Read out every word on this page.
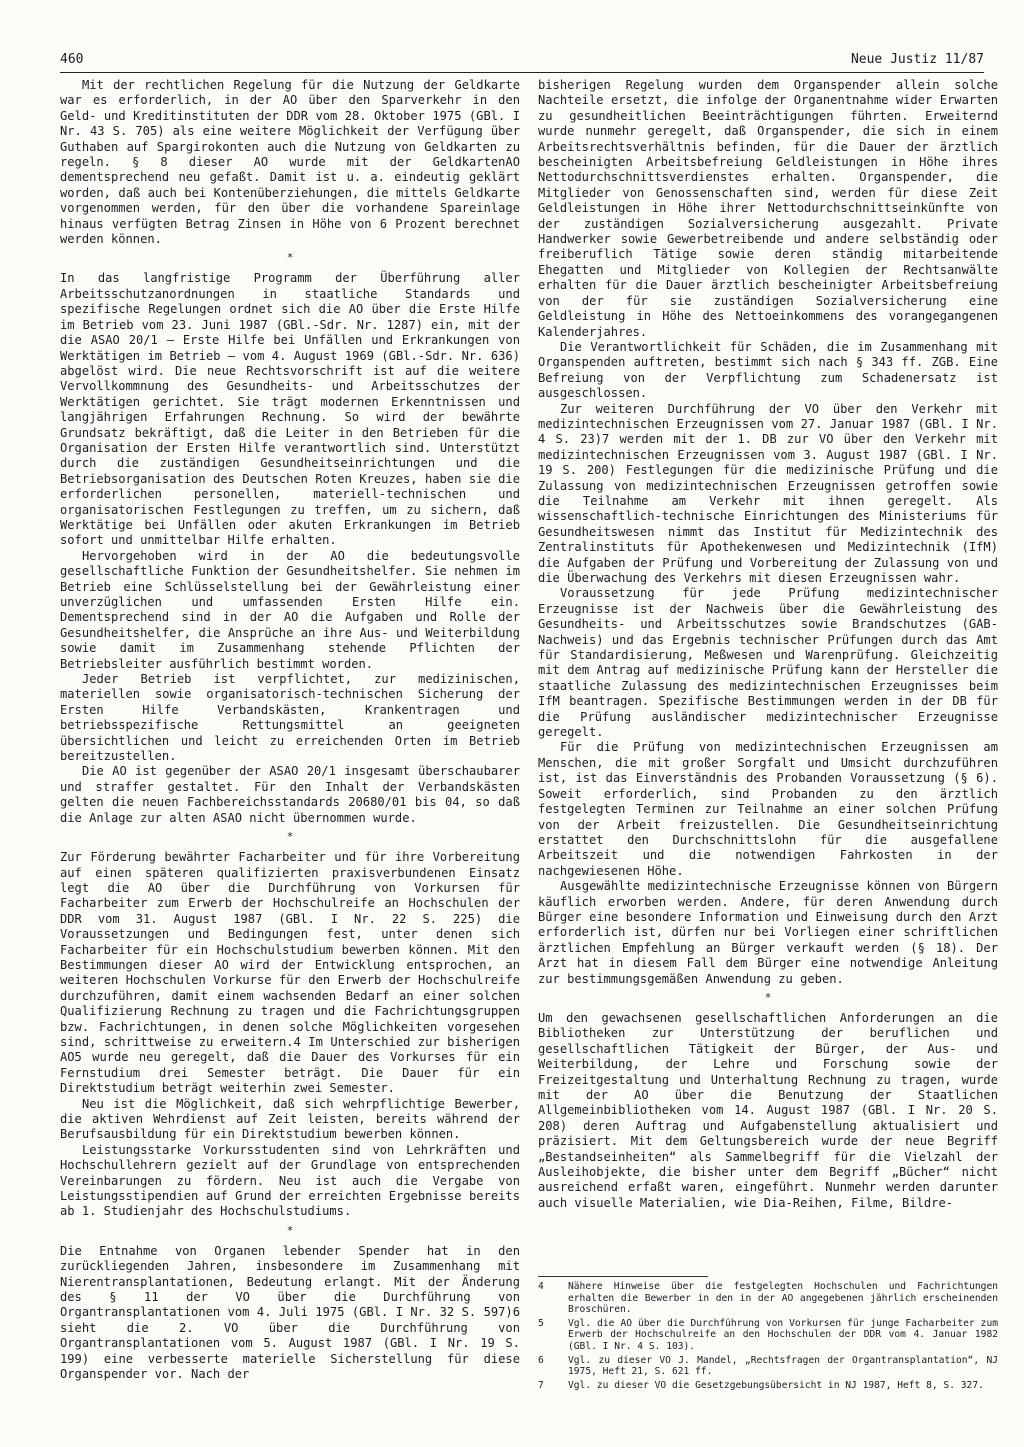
460	Neue Justiz 11/87

Mit der rechtlichen Regelung für die Nutzung der Geldkarte war es erforderlich, in der AO über den Sparverkehr in den Geld- und Kreditinstituten der DDR vom 28. Oktober 1975 (GBl. I Nr. 43 S. 705) als eine weitere Möglichkeit der Verfügung über Guthaben auf Spargirokonten auch die Nutzung von Geldkarten zu regeln. § 8 dieser AO wurde mit der GeldkartenAO dementsprechend neu gefaßt. Damit ist u. a. eindeutig geklärt worden, daß auch bei Kontenüberziehungen, die mittels Geldkarte vorgenommen werden, für den über die vorhandene Spareinlage hinaus verfügten Betrag Zinsen in Höhe von 6 Prozent berechnet werden können.

*

In das langfristige Programm der Überführung aller Arbeitsschutzanordnungen in staatliche Standards und spezifische Regelungen ordnet sich die AO über die Erste Hilfe im Betrieb vom 23. Juni 1987 (GBl.-Sdr. Nr. 1287) ein, mit der die ASAO 20/1 — Erste Hilfe bei Unfällen und Erkrankungen von Werktätigen im Betrieb — vom 4. August 1969 (GBl.-Sdr. Nr. 636) abgelöst wird. Die neue Rechtsvorschrift ist auf die weitere Vervollkommnung des Gesundheits- und Arbeitsschutzes der Werktätigen gerichtet. Sie trägt modernen Erkenntnissen und langjährigen Erfahrungen Rechnung. So wird der bewährte Grundsatz bekräftigt, daß die Leiter in den Betrieben für die Organisation der Ersten Hilfe verantwortlich sind. Unterstützt durch die zuständigen Gesundheitseinrichtungen und die Betriebsorganisation des Deutschen Roten Kreuzes, haben sie die erforderlichen personellen, materiell-technischen und organisatorischen Festlegungen zu treffen, um zu sichern, daß Werktätige bei Unfällen oder akuten Erkrankungen im Betrieb sofort und unmittelbar Hilfe erhalten.

Hervorgehoben wird in der AO die bedeutungsvolle gesellschaftliche Funktion der Gesundheitshelfer. Sie nehmen im Betrieb eine Schlüsselstellung bei der Gewährleistung einer unverzüglichen und umfassenden Ersten Hilfe ein. Dementsprechend sind in der AO die Aufgaben und Rolle der Gesundheitshelfer, die Ansprüche an ihre Aus- und Weiterbildung sowie damit im Zusammenhang stehende Pflichten der Betriebsleiter ausführlich bestimmt worden.

Jeder Betrieb ist verpflichtet, zur medizinischen, materiellen sowie organisatorisch-technischen Sicherung der Ersten Hilfe Verbandskästen, Krankentragen und betriebsspezifische Rettungsmittel an geeigneten übersichtlichen und leicht zu erreichenden Orten im Betrieb bereitzustellen.

Die AO ist gegenüber der ASAO 20/1 insgesamt überschaubarer und straffer gestaltet. Für den Inhalt der Verbandskästen gelten die neuen Fachbereichsstandards 20680/01 bis 04, so daß die Anlage zur alten ASAO nicht übernommen wurde.

*

Zur Förderung bewährter Facharbeiter und für ihre Vorbereitung auf einen späteren qualifizierten praxisverbundenen Einsatz legt die AO über die Durchführung von Vorkursen für Facharbeiter zum Erwerb der Hochschulreife an Hochschulen der DDR vom 31. August 1987 (GBl. I Nr. 22 S. 225) die Voraussetzungen und Bedingungen fest, unter denen sich Facharbeiter für ein Hochschulstudium bewerben können. Mit den Bestimmungen dieser AO wird der Entwicklung entsprochen, an weiteren Hochschulen Vorkurse für den Erwerb der Hochschulreife durchzuführen, damit einem wachsenden Bedarf an einer solchen Qualifizierung Rechnung zu tragen und die Fachrichtungsgruppen bzw. Fachrichtungen, in denen solche Möglichkeiten vorgesehen sind, schrittweise zu erweitern.4 Im Unterschied zur bisherigen AO5 wurde neu geregelt, daß die Dauer des Vorkurses für ein Fernstudium drei Semester beträgt. Die Dauer für ein Direktstudium beträgt weiterhin zwei Semester.

Neu ist die Möglichkeit, daß sich wehrpflichtige Bewerber, die aktiven Wehrdienst auf Zeit leisten, bereits während der Berufsausbildung für ein Direktstudium bewerben können.

Leistungsstarke Vorkursstudenten sind von Lehrkräften und Hochschullehrern gezielt auf der Grundlage von entsprechenden Vereinbarungen zu fördern. Neu ist auch die Vergabe von Leistungsstipendien auf Grund der erreichten Ergebnisse bereits ab 1. Studienjahr des Hochschulstudiums.

*

Die Entnahme von Organen lebender Spender hat in den zurückliegenden Jahren, insbesondere im Zusammenhang mit Nierentransplantationen, Bedeutung erlangt. Mit der Änderung des § 11 der VO über die Durchführung von Organtransplantationen vom 4. Juli 1975 (GBl. I Nr. 32 S. 597)6 sieht die 2. VO über die Durchführung von Organtransplantationen vom 5. August 1987 (GBl. I Nr. 19 S. 199) eine verbesserte materielle Sicherstellung für diese Organspender vor. Nach der

bisherigen Regelung wurden dem Organspender allein solche Nachteile ersetzt, die infolge der Organentnahme wider Erwarten zu gesundheitlichen Beeinträchtigungen führten. Erweiternd wurde nunmehr geregelt, daß Organspender, die sich in einem Arbeitsrechtsverhältnis befinden, für die Dauer der ärztlich bescheinigten Arbeitsbefreiung Geldleistungen in Höhe ihres Nettodurchschnittsverdienstes erhalten. Organspender, die Mitglieder von Genossenschaften sind, werden für diese Zeit Geldleistungen in Höhe ihrer Nettodurchschnittseinkünfte von der zuständigen Sozialversicherung ausgezahlt. Private Handwerker sowie Gewerbetreibende und andere selbständig oder freiberuflich Tätige sowie deren ständig mitarbeitende Ehegatten und Mitglieder von Kollegien der Rechtsanwälte erhalten für die Dauer ärztlich bescheinigter Arbeitsbefreiung von der für sie zuständigen Sozialversicherung eine Geldleistung in Höhe des Nettoeinkommens des vorangegangenen Kalenderjahres.

Die Verantwortlichkeit für Schäden, die im Zusammenhang mit Organspenden auftreten, bestimmt sich nach § 343 ff. ZGB. Eine Befreiung von der Verpflichtung zum Schadenersatz ist ausgeschlossen.

Zur weiteren Durchführung der VO über den Verkehr mit medizintechnischen Erzeugnissen vom 27. Januar 1987 (GBl. I Nr. 4 S. 23)7 werden mit der 1. DB zur VO über den Verkehr mit medizintechnischen Erzeugnissen vom 3. August 1987 (GBl. I Nr. 19 S. 200) Festlegungen für die medizinische Prüfung und die Zulassung von medizintechnischen Erzeugnissen getroffen sowie die Teilnahme am Verkehr mit ihnen geregelt. Als wissenschaftlich-technische Einrichtungen des Ministeriums für Gesundheitswesen nimmt das Institut für Medizintechnik des Zentralinstituts für Apothekenwesen und Medizintechnik (IfM) die Aufgaben der Prüfung und Vorbereitung der Zulassung von und die Überwachung des Verkehrs mit diesen Erzeugnissen wahr.

Voraussetzung für jede Prüfung medizintechnischer Erzeugnisse ist der Nachweis über die Gewährleistung des Gesundheits- und Arbeitsschutzes sowie Brandschutzes (GAB-Nachweis) und das Ergebnis technischer Prüfungen durch das Amt für Standardisierung, Meßwesen und Warenprüfung. Gleichzeitig mit dem Antrag auf medizinische Prüfung kann der Hersteller die staatliche Zulassung des medizintechnischen Erzeugnisses beim IfM beantragen. Spezifische Bestimmungen werden in der DB für die Prüfung ausländischer medizintechnischer Erzeugnisse geregelt.

Für die Prüfung von medizintechnischen Erzeugnissen am Menschen, die mit großer Sorgfalt und Umsicht durchzuführen ist, ist das Einverständnis des Probanden Voraussetzung (§ 6). Soweit erforderlich, sind Probanden zu den ärztlich festgelegten Terminen zur Teilnahme an einer solchen Prüfung von der Arbeit freizustellen. Die Gesundheitseinrichtung erstattet den Durchschnittslohn für die ausgefallene Arbeitszeit und die notwendigen Fahrkosten in der nachgewiesenen Höhe.

Ausgewählte medizintechnische Erzeugnisse können von Bürgern käuflich erworben werden. Andere, für deren Anwendung durch Bürger eine besondere Information und Einweisung durch den Arzt erforderlich ist, dürfen nur bei Vorliegen einer schriftlichen ärztlichen Empfehlung an Bürger verkauft werden (§ 18). Der Arzt hat in diesem Fall dem Bürger eine notwendige Anleitung zur bestimmungsgemäßen Anwendung zu geben.

*

Um den gewachsenen gesellschaftlichen Anforderungen an die Bibliotheken zur Unterstützung der beruflichen und gesellschaftlichen Tätigkeit der Bürger, der Aus- und Weiterbildung, der Lehre und Forschung sowie der Freizeitgestaltung und Unterhaltung Rechnung zu tragen, wurde mit der AO über die Benutzung der Staatlichen Allgemeinbibliotheken vom 14. August 1987 (GBl. I Nr. 20 S. 208) deren Auftrag und Aufgabenstellung aktualisiert und präzisiert. Mit dem Geltungsbereich wurde der neue Begriff „Bestandseinheiten“ als Sammelbegriff für die Vielzahl der Ausleihobjekte, die bisher unter dem Begriff „Bücher“ nicht ausreichend erfaßt waren, eingeführt. Nunmehr werden darunter auch visuelle Materialien, wie Dia-Reihen, Filme, Bildre-

4	Nähere Hinweise über die festgelegten Hochschulen und Fachrichtungen erhalten die Bewerber in den in der AO angegebenen jährlich erscheinenden Broschüren.

5	Vgl. die AO über die Durchführung von Vorkursen für junge Facharbeiter zum Erwerb der Hochschulreife an den Hochschulen der DDR vom 4. Januar 1982 (GBl. I Nr. 4 S. 103).

6	Vgl. zu dieser VO J. Mandel, „Rechtsfragen der Organtransplantation“, NJ 1975, Heft 21, S. 621 ff.

7	Vgl. zu dieser VO die Gesetzgebungsübersicht in NJ 1987, Heft 8, S. 327.
